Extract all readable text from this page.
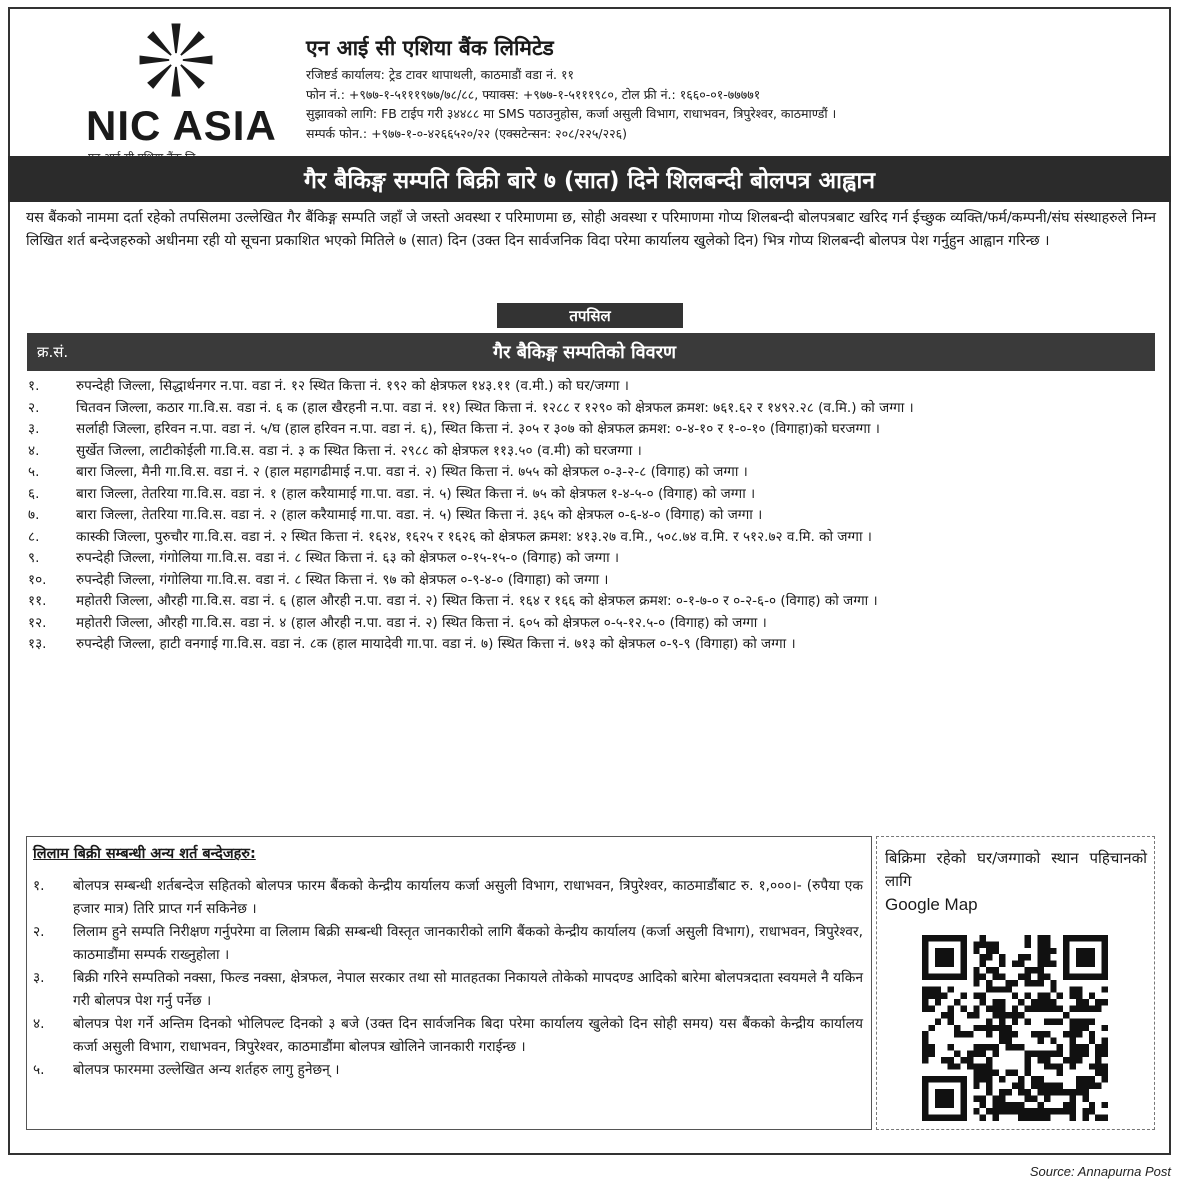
NIC ASIA
एन आई सी एशिया बैंक लिमिटेड
रजिष्टर्ड कार्यालय: ट्रेड टावर थापाथली, काठमाडौं वडा नं. ११
फोन नं.: +९७७-१-५१११९७७/७८/८८, फ्याक्स: +९७७-१-५१११९८०, टोल फ्री नं.: १६६०-०१-७७७७१
सुझावको लागि: FB टाईप गरी ३४४८८ मा SMS पठाउनुहोस, कर्जा असुली विभाग, राधाभवन, त्रिपुरेश्वर, काठमाण्डौं ।
सम्पर्क फोन.: +९७७-१-०-४२६६५२०/२२ (एक्सटेन्सन: २०८/२२५/२२६)
गैर बैकिङ्ग सम्पति बिक्री बारे ७ (सात) दिने शिलबन्दी बोलपत्र आह्वान
यस बैंकको नाममा दर्ता रहेको तपसिलमा उल्लेखित गैर बैंकिङ्ग सम्पति जहाँ जे जस्तो अवस्था र परिमाणमा छ, सोही अवस्था र परिमाणमा गोप्य शिलबन्दी बोलपत्रबाट खरिद गर्न ईच्छुक व्यक्ति/फर्म/कम्पनी/संघ संस्थाहरुले निम्न लिखित शर्त बन्देजहरुको अधीनमा रही यो सूचना प्रकाशित भएको मितिले ७ (सात) दिन (उक्त दिन सार्वजनिक विदा परेमा कार्यालय खुलेको दिन) भित्र गोप्य शिलबन्दी बोलपत्र पेश गर्नुहुन आह्वान गरिन्छ ।
तपसिल
क्र.सं.	गैर बैकिङ्ग सम्पतिको विवरण
१.	रुपन्देही जिल्ला, सिद्धार्थनगर न.पा. वडा नं. १२ स्थित कित्ता नं. १९२ को क्षेत्रफल १४३.११ (व.मी.) को घर/जग्गा ।
२.	चितवन जिल्ला, कठार गा.वि.स. वडा नं. ६ क (हाल खैरहनी न.पा. वडा नं. ११) स्थित कित्ता नं. १२८८ र १२९० को क्षेत्रफल क्रमश: ७६१.६२ र १४९२.२८ (व.मि.) को जग्गा ।
३.	सर्लाही जिल्ला, हरिवन न.पा. वडा नं. ५/घ (हाल हरिवन न.पा. वडा नं. ६), स्थित कित्ता नं. ३०५ र ३०७ को क्षेत्रफल क्रमश: ०-४-१० र १-०-१० (विगाहा)को घरजग्गा ।
४.	सुर्खेत जिल्ला, लाटीकोईली गा.वि.स. वडा नं. ३ क स्थित कित्ता नं. २९८८ को क्षेत्रफल ११३.५० (व.मी) को घरजग्गा ।
५.	बारा जिल्ला, मैनी गा.वि.स. वडा नं. २ (हाल महागढीमाई न.पा. वडा नं. २) स्थित कित्ता नं. ७५५ को क्षेत्रफल ०-३-२-८ (विगाह) को जग्गा ।
६.	बारा जिल्ला, तेतरिया गा.वि.स. वडा नं. १ (हाल करैयामाई गा.पा. वडा. नं. ५) स्थित कित्ता नं. ७५ को क्षेत्रफल १-४-५-० (विगाह) को जग्गा ।
७.	बारा जिल्ला, तेतरिया गा.वि.स. वडा नं. २ (हाल करैयामाई गा.पा. वडा. नं. ५) स्थित कित्ता नं. ३६५ को क्षेत्रफल ०-६-४-० (विगाह) को जग्गा ।
८.	कास्की जिल्ला, पुरुचौर गा.वि.स. वडा नं. २ स्थित कित्ता नं. १६२४, १६२५ र १६२६ को क्षेत्रफल क्रमश: ४१३.२७ व.मि., ५०८.७४ व.मि. र ५१२.७२ व.मि. को जग्गा ।
९.	रुपन्देही जिल्ला, गंगोलिया गा.वि.स. वडा नं. ८ स्थित कित्ता नं. ६३ को क्षेत्रफल ०-१५-१५-० (विगाह) को जग्गा ।
१०.	रुपन्देही जिल्ला, गंगोलिया गा.वि.स. वडा नं. ८ स्थित कित्ता नं. ९७ को क्षेत्रफल ०-९-४-० (विगाहा) को जग्गा ।
११.	महोतरी जिल्ला, औरही गा.वि.स. वडा नं. ६ (हाल औरही न.पा. वडा नं. २) स्थित कित्ता नं. १६४ र १६६ को क्षेत्रफल क्रमश: ०-१-७-० र ०-२-६-० (विगाह) को जग्गा ।
१२.	महोतरी जिल्ला, औरही गा.वि.स. वडा नं. ४ (हाल औरही न.पा. वडा नं. २) स्थित कित्ता नं. ६०५ को क्षेत्रफल ०-५-१२.५-० (विगाह) को जग्गा ।
१३.	रुपन्देही जिल्ला, हाटी वनगाई गा.वि.स. वडा नं. ८क (हाल मायादेवी गा.पा. वडा नं. ७) स्थित कित्ता नं. ७१३ को क्षेत्रफल ०-९-९ (विगाहा) को जग्गा ।
लिलाम बिक्री सम्बन्धी अन्य शर्त बन्देजहरु:
१.	बोलपत्र सम्बन्धी शर्तबन्देज सहितको बोलपत्र फारम बैंकको केन्द्रीय कार्यालय कर्जा असुली विभाग, राधाभवन, त्रिपुरेश्वर, काठमाडौंबाट रु. १,०००।- (रुपैया एक हजार मात्र) तिरि प्राप्त गर्न सकिनेछ ।
२.	लिलाम हुने सम्पति निरीक्षण गर्नुपरेमा वा लिलाम बिक्री सम्बन्धी विस्तृत जानकारीको लागि बैंकको केन्द्रीय कार्यालय (कर्जा असुली विभाग), राधाभवन, त्रिपुरेश्वर, काठमाडौंमा सम्पर्क राख्नुहोला ।
३.	बिक्री गरिने सम्पतिको नक्सा, फिल्ड नक्सा, क्षेत्रफल, नेपाल सरकार तथा सो मातहतका निकायले तोकेको मापदण्ड आदिको बारेमा बोलपत्रदाता स्वयमले नै यकिन गरी बोलपत्र पेश गर्नु पर्नेछ ।
४.	बोलपत्र पेश गर्ने अन्तिम दिनको भोलिपल्ट दिनको ३ बजे (उक्त दिन सार्वजनिक बिदा परेमा कार्यालय खुलेको दिन सोही समय) यस बैंकको केन्द्रीय कार्यालय कर्जा असुली विभाग, राधाभवन, त्रिपुरेश्वर, काठमाडौंमा बोलपत्र खोलिने जानकारी गराईन्छ ।
५.	बोलपत्र फारममा उल्लेखित अन्य शर्तहरु लागु हुनेछन् ।
बिक्रिमा रहेको घर/जग्गाको स्थान पहिचानको लागि
Google Map
Source: Annapurna Post
